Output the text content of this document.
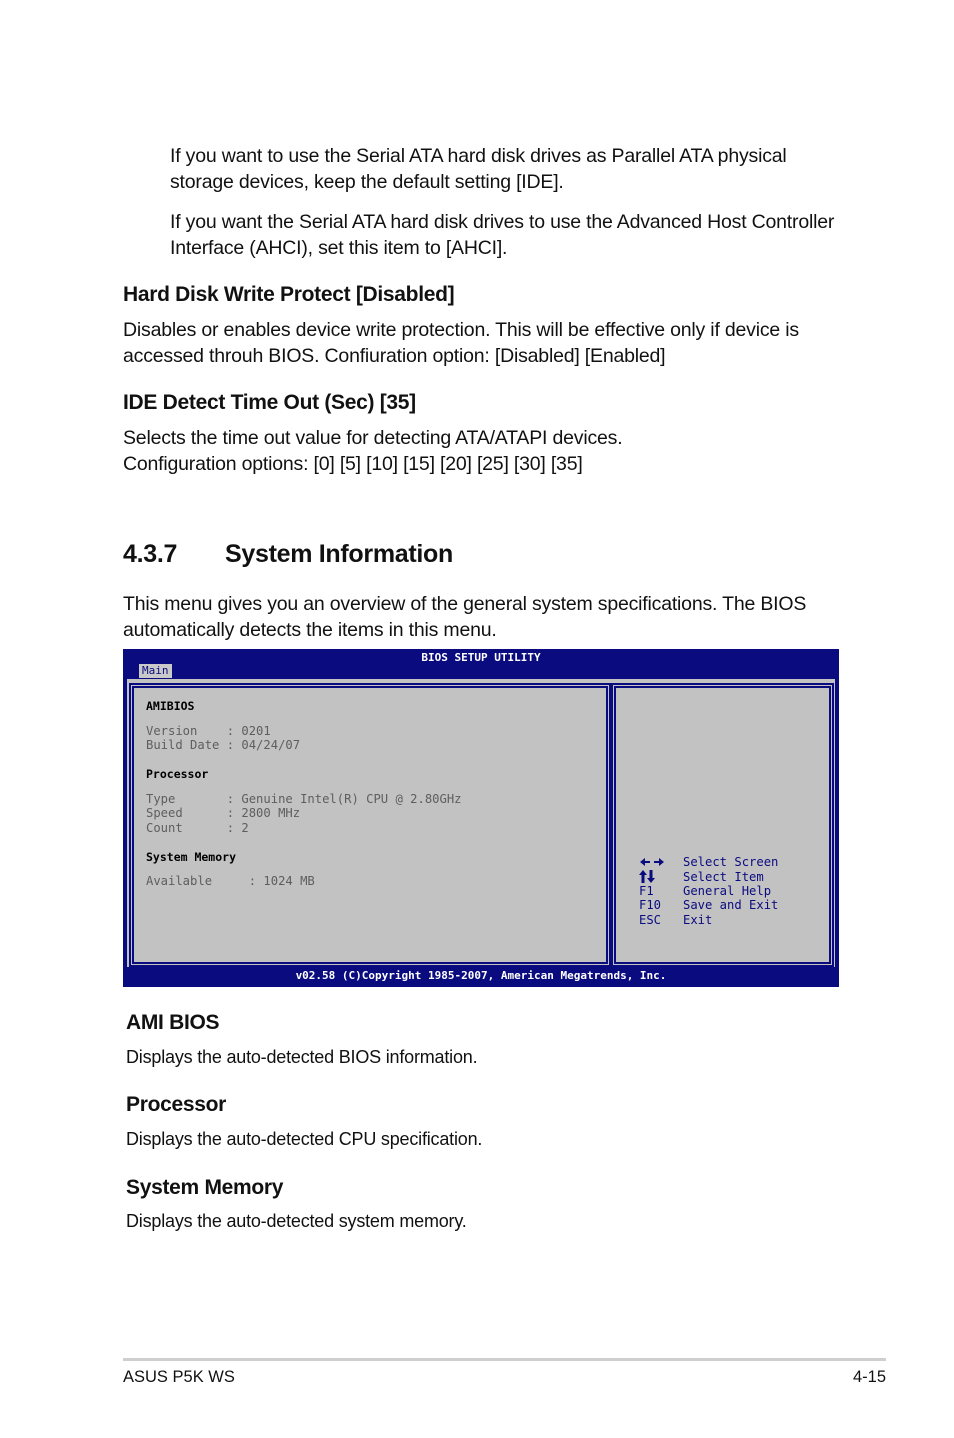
If you want to use the Serial ATA hard disk drives as Parallel ATA physical storage devices, keep the default setting [IDE].

If you want the Serial ATA hard disk drives to use the Advanced Host Controller Interface (AHCI), set this item to [AHCI].

Hard Disk Write Protect [Disabled]

Disables or enables device write protection. This will be effective only if device is accessed throuh BIOS. Confiuration option: [Disabled] [Enabled]

IDE Detect Time Out (Sec) [35]

Selects the time out value for detecting ATA/ATAPI devices.

Configuration options: [0] [5] [10] [15] [20] [25] [30] [35]

4.3.7 System Information

This menu gives you an overview of the general system specifications. The BIOS automatically detects the items in this menu.

BIOS SETUP UTILITY
Main
AMIBIOS
Version    : 0201
Build Date : 04/24/07
Processor
Type       : Genuine Intel(R) CPU @ 2.80GHz
Speed      : 2800 MHz
Count      : 2
System Memory
Available     : 1024 MB
Select Screen
Select Item
F1 General Help
F10 Save and Exit
ESC Exit
v02.58 (C)Copyright 1985-2007, American Megatrends, Inc.
AMI BIOS
Displays the auto-detected BIOS information.
Processor
Displays the auto-detected CPU specification.
System Memory
Displays the auto-detected system memory.
ASUS P5K WS	4-15
